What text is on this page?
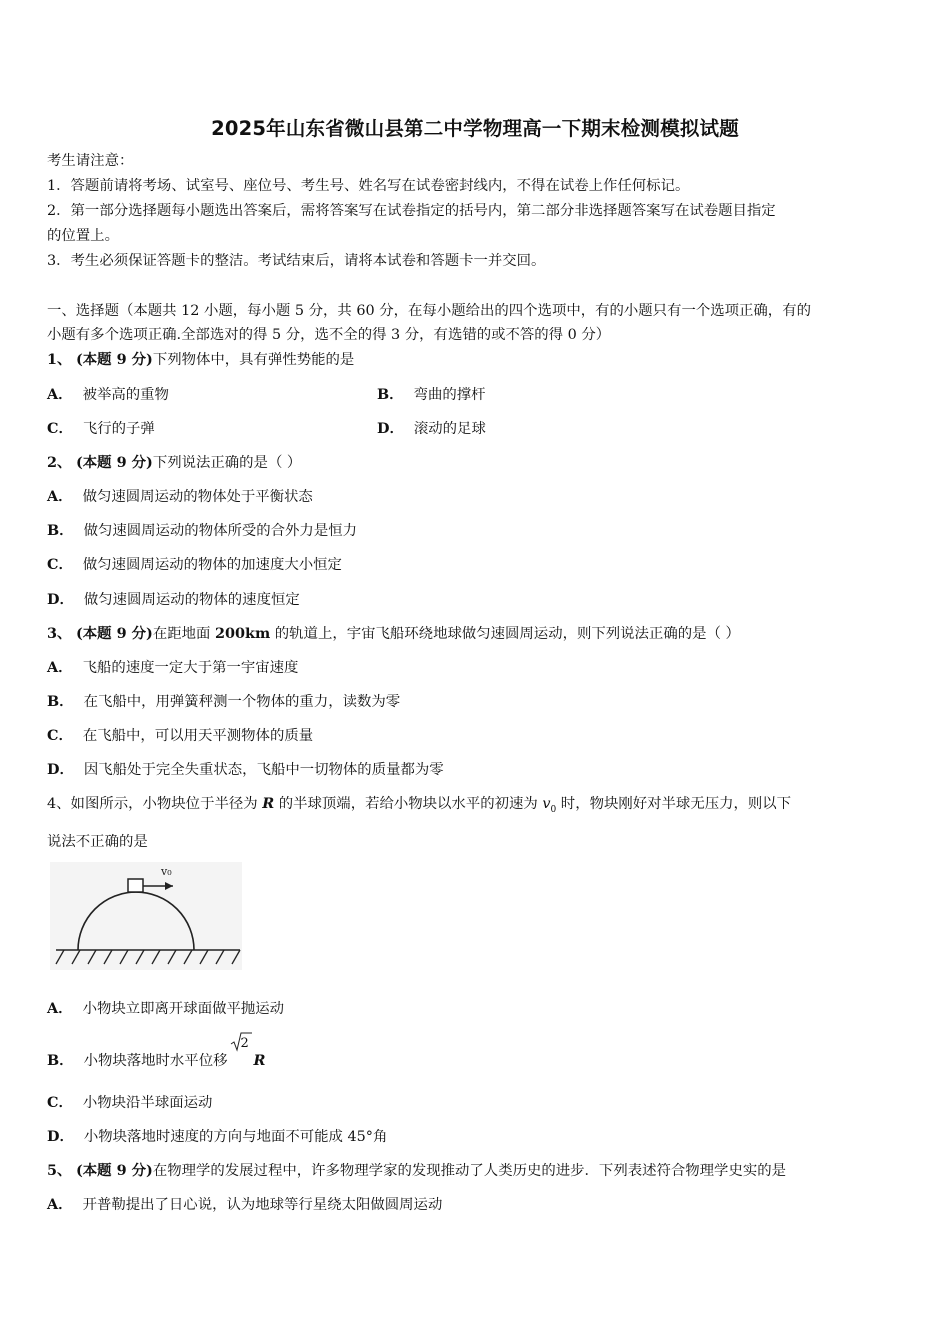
2025年山东省微山县第二中学物理高一下期末检测模拟试题
考生请注意：
1．答题前请将考场、试室号、座位号、考生号、姓名写在试卷密封线内，不得在试卷上作任何标记。
2．第一部分选择题每小题选出答案后，需将答案写在试卷指定的括号内，第二部分非选择题答案写在试卷题目指定
的位置上。
3．考生必须保证答题卡的整洁。考试结束后，请将本试卷和答题卡一并交回。
一、选择题（本题共 12 小题，每小题 5 分，共 60 分，在每小题给出的四个选项中，有的小题只有一个选项正确，有的
小题有多个选项正确.全部选对的得 5 分，选不全的得 3 分，有选错的或不答的得 0 分）
1、 (本题 9 分)下列物体中，具有弹性势能的是
A． 被举高的重物	B． 弯曲的撑杆
C． 飞行的子弹	D． 滚动的足球
2、 (本题 9 分)下列说法正确的是（ ）
A． 做匀速圆周运动的物体处于平衡状态
B． 做匀速圆周运动的物体所受的合外力是恒力
C． 做匀速圆周运动的物体的加速度大小恒定
D． 做匀速圆周运动的物体的速度恒定
3、 (本题 9 分)在距地面 200km 的轨道上，宇宙飞船环绕地球做匀速圆周运动，则下列说法正确的是（ ）
A． 飞船的速度一定大于第一宇宙速度
B． 在飞船中，用弹簧秤测一个物体的重力，读数为零
C． 在飞船中，可以用天平测物体的质量
D． 因飞船处于完全失重状态，飞船中一切物体的质量都为零
4、如图所示，小物块位于半径为 R 的半球顶端，若给小物块以水平的初速为 $v_0$ 时，物块刚好对半球无压力，则以下
说法不正确的是
v₀
A． 小物块立即离开球面做平抛运动
B． 小物块落地时水平位移
2
R
C． 小物块沿半球面运动
D． 小物块落地时速度的方向与地面不可能成 45°角
5、 (本题 9 分)在物理学的发展过程中，许多物理学家的发现推动了人类历史的进步．下列表述符合物理学史实的是
A． 开普勒提出了日心说，认为地球等行星绕太阳做圆周运动
